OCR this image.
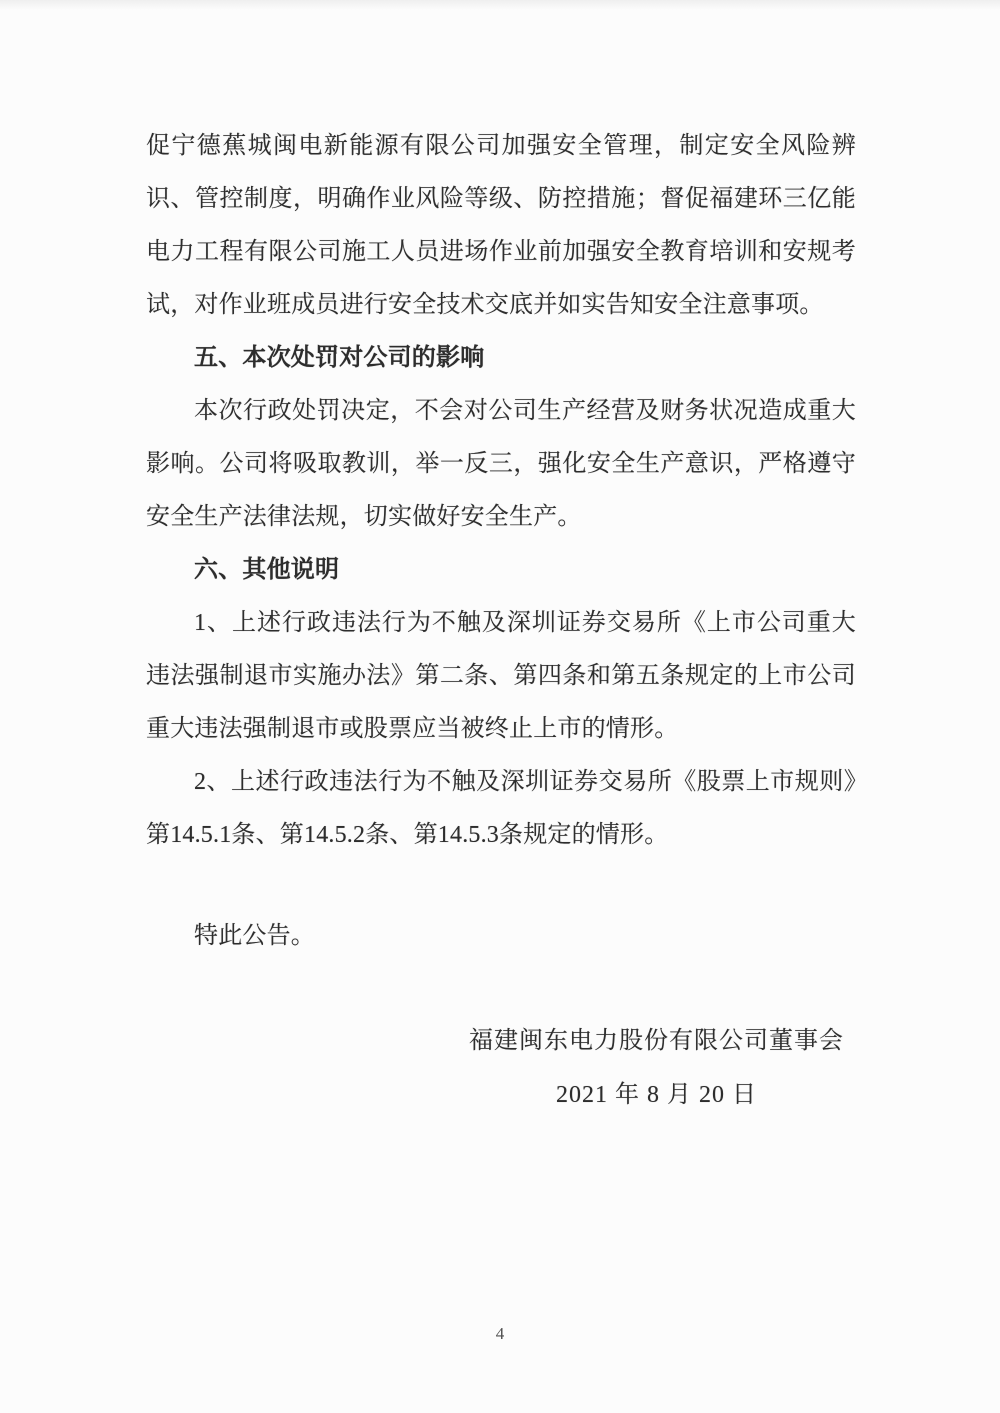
促宁德蕉城闽电新能源有限公司加强安全管理，制定安全风险辨识、管控制度，明确作业风险等级、防控措施；督促福建环三亿能电力工程有限公司施工人员进场作业前加强安全教育培训和安规考试，对作业班成员进行安全技术交底并如实告知安全注意事项。

五、本次处罚对公司的影响

本次行政处罚决定，不会对公司生产经营及财务状况造成重大影响。公司将吸取教训，举一反三，强化安全生产意识，严格遵守安全生产法律法规，切实做好安全生产。

六、其他说明

1、上述行政违法行为不触及深圳证券交易所《上市公司重大违法强制退市实施办法》第二条、第四条和第五条规定的上市公司重大违法强制退市或股票应当被终止上市的情形。

2、上述行政违法行为不触及深圳证券交易所《股票上市规则》第14.5.1条、第14.5.2条、第14.5.3条规定的情形。

特此公告。

福建闽东电力股份有限公司董事会
2021 年 8 月 20 日
4
